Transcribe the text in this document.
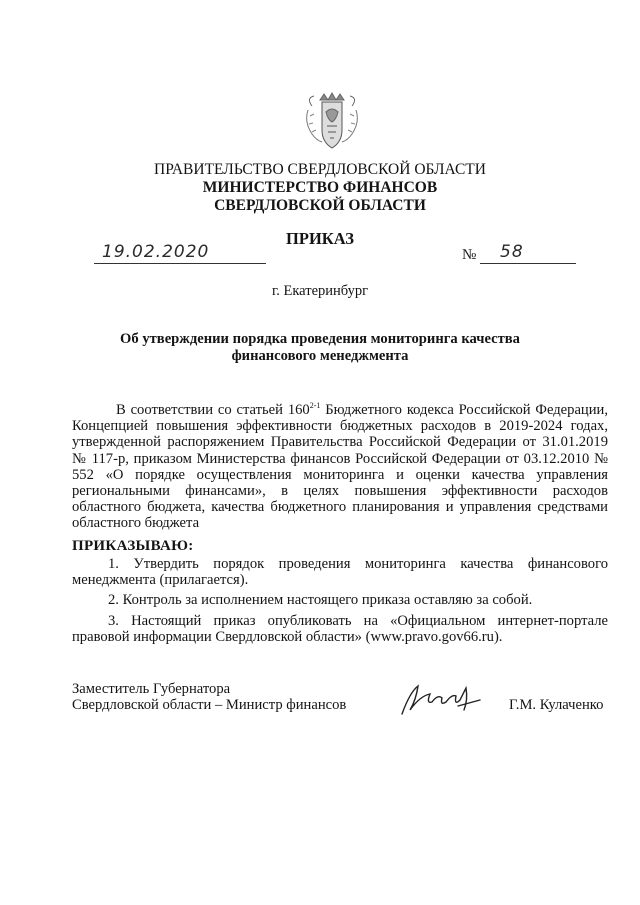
ПРАВИТЕЛЬСТВО СВЕРДЛОВСКОЙ ОБЛАСТИ
МИНИСТЕРСТВО ФИНАНСОВ
СВЕРДЛОВСКОЙ ОБЛАСТИ
ПРИКАЗ
19.02.2020	№ 58
г. Екатеринбург
Об утверждении порядка проведения мониторинга качества
финансового менеджмента

В соответствии со статьей 160$^{2-1}$ Бюджетного кодекса Российской Федерации, Концепцией повышения эффективности бюджетных расходов в 2019-2024 годах, утвержденной распоряжением Правительства Российской Федерации от 31.01.2019 № 117-р, приказом Министерства финансов Российской Федерации от 03.12.2010 № 552 «О порядке осуществления мониторинга и оценки качества управления региональными финансами», в целях повышения эффективности расходов областного бюджета, качества бюджетного планирования и управления средствами областного бюджета

ПРИКАЗЫВАЮ:

1. Утвердить порядок проведения мониторинга качества финансового менеджмента (прилагается).

2. Контроль за исполнением настоящего приказа оставляю за собой.

3. Настоящий приказ опубликовать на «Официальном интернет-портале правовой информации Свердловской области» (www.pravo.gov66.ru).

Заместитель Губернатора
Свердловской области – Министр финансов	Г.М. Кулаченко
